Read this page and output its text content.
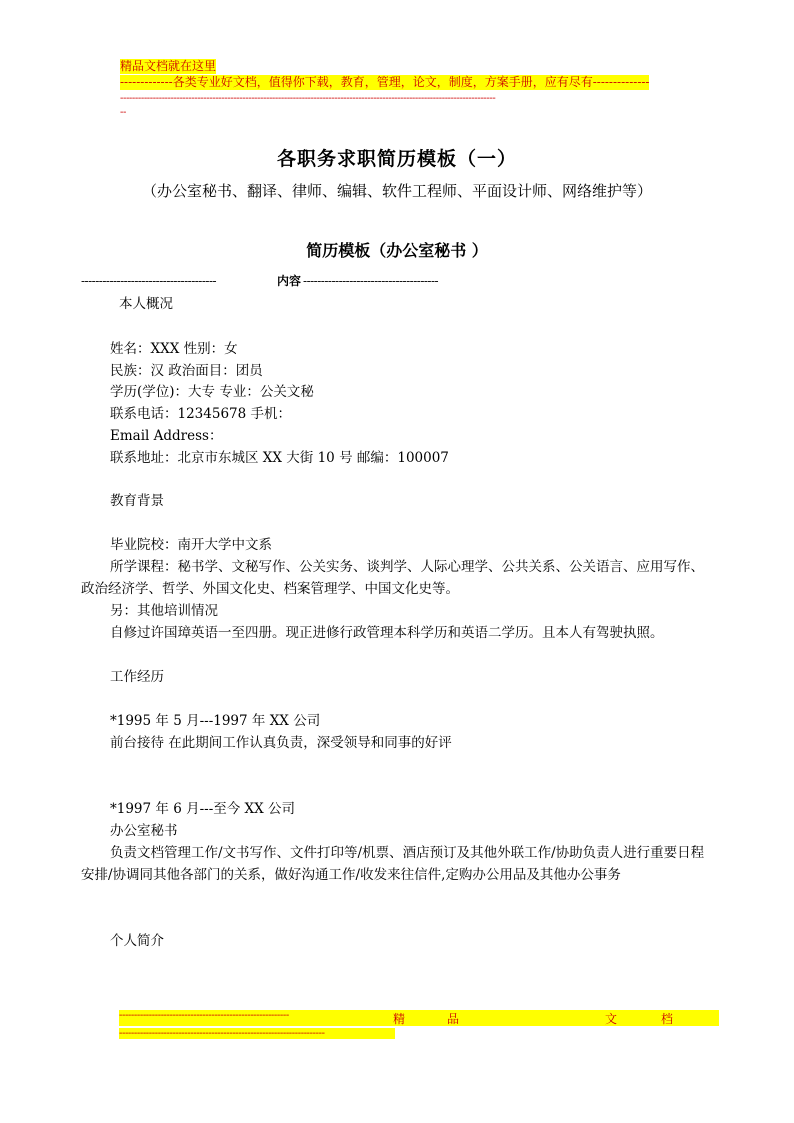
精品文档就在这里
-------------各类专业好文档，值得你下载，教育，管理，论文，制度，方案手册，应有尽有--------------
------------------------------------------------------------------------------------------------------------------------------
--
各职务求职简历模板（一）
（办公室秘书、翻译、律师、编辑、软件工程师、平面设计师、网络维护等）
简历模板（办公室秘书 ）
--------------------------------------	内容 --------------------------------------
本人概况
姓名：XXX 性别：女
民族：汉 政治面目：团员
学历(学位)：大专 专业：公关文秘
联系电话：12345678 手机：
Email Address：
联系地址：北京市东城区 XX 大街 10 号 邮编：100007
教育背景
毕业院校：南开大学中文系
所学课程：秘书学、文秘写作、公关实务、谈判学、人际心理学、公共关系、公关语言、应用写作、 政治经济学、哲学、外国文化史、档案管理学、中国文化史等。
另：其他培训情况
自修过许国璋英语一至四册。现正进修行政管理本科学历和英语二学历。且本人有驾驶执照。
工作经历
*1995 年 5 月---1997 年 XX 公司
前台接待 在此期间工作认真负责，深受领导和同事的好评
*1997 年 6 月---至今 XX 公司
办公室秘书
负责文档管理工作/文书写作、文件打印等/机票、酒店预订及其他外联工作/协助负责人进行重要日程安排/协调同其他各部门的关系，做好沟通工作/收发来往信件,定购办公用品及其他办公事务
个人简介
---------------------------------------------------------	精	品	文	档
---------------------------------------------------------------------
